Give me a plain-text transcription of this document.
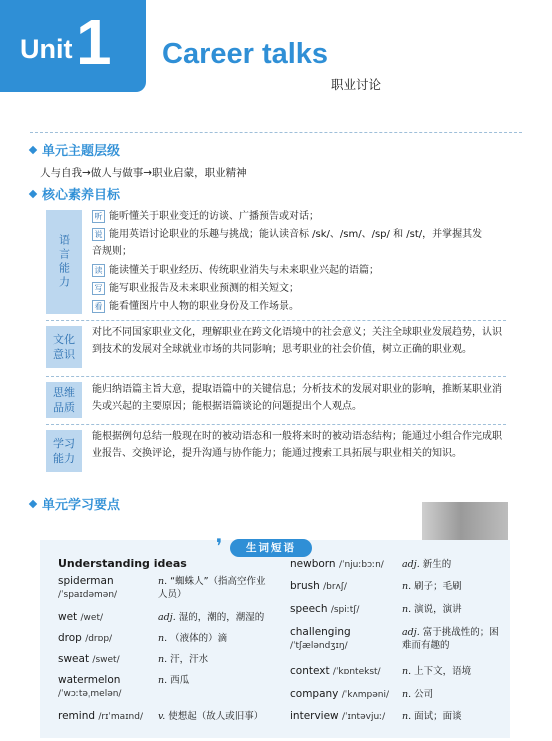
Unit 1 Career talks
职业讨论
单元主题层级
人与自我→做人与做事→职业启蒙，职业精神
核心素养目标
语言能力
听 能听懂关于职业变迁的访谈、广播预告或对话；
说 能用英语讨论职业的乐趣与挑战；能认读音标 /sk/、/sm/、/sp/ 和 /st/，并掌握其发音规则；
读 能读懂关于职业经历、传统职业消失与未来职业兴起的语篇；
写 能写职业报告及未来职业预测的相关短文；
看 能看懂图片中人物的职业身份及工作场景。
文化意识
对比不同国家职业文化，理解职业在跨文化语境中的社会意义；关注全球职业发展趋势，认识到技术的发展对全球就业市场的共同影响；思考职业的社会价值，树立正确的职业观。
思维品质
能归纳语篇主旨大意，提取语篇中的关键信息；分析技术的发展对职业的影响，推断某职业消失或兴起的主要原因；能根据语篇谈论的问题提出个人观点。
学习能力
能根据例句总结一般现在时的被动语态和一般将来时的被动语态结构；能通过小组合作完成职业报告、交换评论，提升沟通与协作能力；能通过搜索工具拓展与职业相关的知识。
单元学习要点
❜	生词短语
Understanding ideas
spiderman
/ˈspaɪdəmən/
n. “蜘蛛人”（指高空作业人员）
wet /wet/	adj. 湿的，潮的，潮湿的
drop /drɒp/	n. （液体的）滴
sweat /swet/	n. 汗，汗水
watermelon
/ˈwɔːtəˌmelən/
n. 西瓜
remind /rɪˈmaɪnd/ v. 使想起（故人或旧事）
newborn /ˈnjuːbɔːn/ adj. 新生的
brush /brʌʃ/	n. 刷子；毛刷
speech /spiːtʃ/	n. 演说，演讲
challenging
/ˈtʃæləndʒɪŋ/
adj. 富于挑战性的；困难而有趣的
context /ˈkɒntekst/ n. 上下文，语境
company /ˈkʌmpəni/ n. 公司
interview /ˈɪntəvjuː/ n. 面试；面谈
